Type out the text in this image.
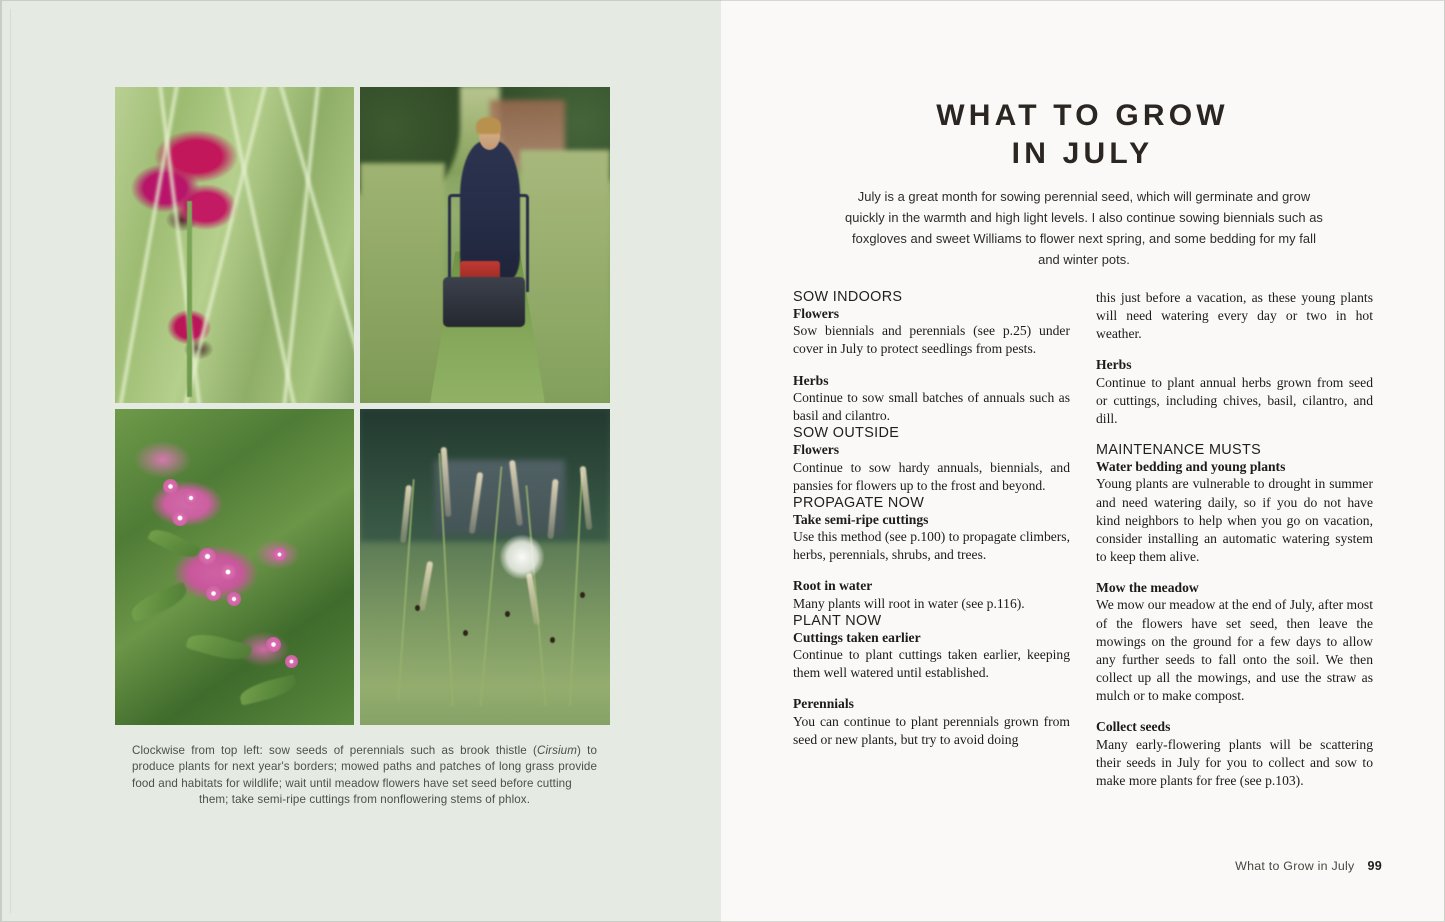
Clockwise from top left: sow seeds of perennials such as brook thistle (Cirsium) to produce plants for next year's borders; mowed paths and patches of long grass provide food and habitats for wildlife; wait until meadow flowers have set seed before cutting
them; take semi-ripe cuttings from nonflowering stems of phlox.
WHAT TO GROW
IN JULY

July is a great month for sowing perennial seed, which will germinate and grow quickly in the warmth and high light levels. I also continue sowing biennials such as foxgloves and sweet Williams to flower next spring, and some bedding for my fall and winter pots.

SOW INDOORS
Flowers

Sow biennials and perennials (see p.25) under cover in July to protect seedlings from pests.

Herbs

Continue to sow small batches of annuals such as basil and cilantro.

SOW OUTSIDE
Flowers

Continue to sow hardy annuals, biennials, and pansies for flowers up to the frost and beyond.

PROPAGATE NOW
Take semi-ripe cuttings

Use this method (see p.100) to propagate climbers, herbs, perennials, shrubs, and trees.

Root in water

Many plants will root in water (see p.116).

PLANT NOW
Cuttings taken earlier

Continue to plant cuttings taken earlier, keeping them well watered until established.

Perennials

You can continue to plant perennials grown from seed or new plants, but try to avoid doing

this just before a vacation, as these young plants will need watering every day or two in hot weather.

Herbs

Continue to plant annual herbs grown from seed or cuttings, including chives, basil, cilantro, and dill.

MAINTENANCE MUSTS
Water bedding and young plants

Young plants are vulnerable to drought in summer and need watering daily, so if you do not have kind neighbors to help when you go on vacation, consider installing an automatic watering system to keep them alive.

Mow the meadow

We mow our meadow at the end of July, after most of the flowers have set seed, then leave the mowings on the ground for a few days to allow any further seeds to fall onto the soil. We then collect up all the mowings, and use the straw as mulch or to make compost.

Collect seeds

Many early-flowering plants will be scattering their seeds in July for you to collect and sow to make more plants for free (see p.103).

What to Grow in July 99
